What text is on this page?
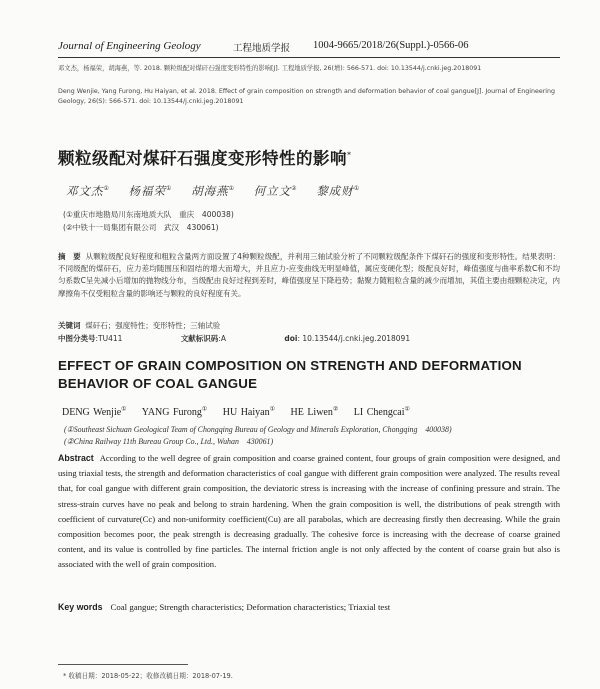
Journal of Engineering Geology	工程地质学报 1004-9665/2018/26(Suppl.)-0566-06
邓文杰，杨福荣，胡海燕，等. 2018. 颗粒级配对煤矸石强度变形特性的影响[J]. 工程地质学报, 26(增): 566-571. doi: 10.13544/j.cnki.jeg.2018091
Deng Wenjie, Yang Furong, Hu Haiyan, et al. 2018. Effect of grain composition on strength and deformation behavior of coal gangue[J]. Journal of Engineering Geology, 26(S): 566-571. doi: 10.13544/j.cnki.jeg.2018091
颗粒级配对煤矸石强度变形特性的影响*
邓文杰① 杨福荣① 胡海燕① 何立文② 黎成财①
(①重庆市地勘局川东南地质大队　重庆　400038)
(②中铁十一局集团有限公司　武汉　430061)
摘　要 从颗粒级配良好程度和粗粒含量两方面设置了4种颗粒级配，并利用三轴试验分析了不同颗粒级配条件下煤矸石的强度和变形特性。结果表明：不同级配的煤矸石，应力差均随围压和固结的增大而增大，并且应力-应变曲线无明显峰值，属应变硬化型；级配良好时，峰值强度与曲率系数C和不均匀系数C呈先减小后增加的抛物线分布，当级配由良好过程到差时，峰值强度呈下降趋势；黏聚力随粗粒含量的减少而增加，其值主要由细颗粒决定，内摩擦角不仅受粗粒含量的影响还与颗粒的良好程度有关。
关键词 煤矸石；强度特性；变形特性；三轴试验
中图分类号:TU411	文献标识码:A	doi: 10.13544/j.cnki.jeg.2018091
EFFECT OF GRAIN COMPOSITION ON STRENGTH AND DEFORMATION BEHAVIOR OF COAL GANGUE
DENG Wenjie① YANG Furong① HU Haiyan① HE Liwen② LI Chengcai①
(①Southeast Sichuan Geological Team of Chongqing Bureau of Geology and Minerals Exploration, Chongqing　400038)
(②China Railway 11th Bureau Group Co., Ltd., Wuhan　430061)
Abstract According to the well degree of grain composition and coarse grained content, four groups of grain composition were designed, and using triaxial tests, the strength and deformation characteristics of coal gangue with different grain composition were analyzed. The results reveal that, for coal gangue with different grain composition, the deviatoric stress is increasing with the increase of confining pressure and strain. The stress-strain curves have no peak and belong to strain hardening. When the grain composition is well, the distributions of peak strength with coefficient of curvature(Cc) and non-uniformity coefficient(Cu) are all parabolas, which are decreasing firstly then decreasing. While the grain composition becomes poor, the peak strength is decreasing gradually. The cohesive force is increasing with the decrease of coarse grained content, and its value is controlled by fine particles. The internal friction angle is not only affected by the content of coarse grain but also is associated with the well of grain composition.
Key words Coal gangue; Strength characteristics; Deformation characteristics; Triaxial test
* 收稿日期：2018-05-22；收修改稿日期：2018-07-19.
